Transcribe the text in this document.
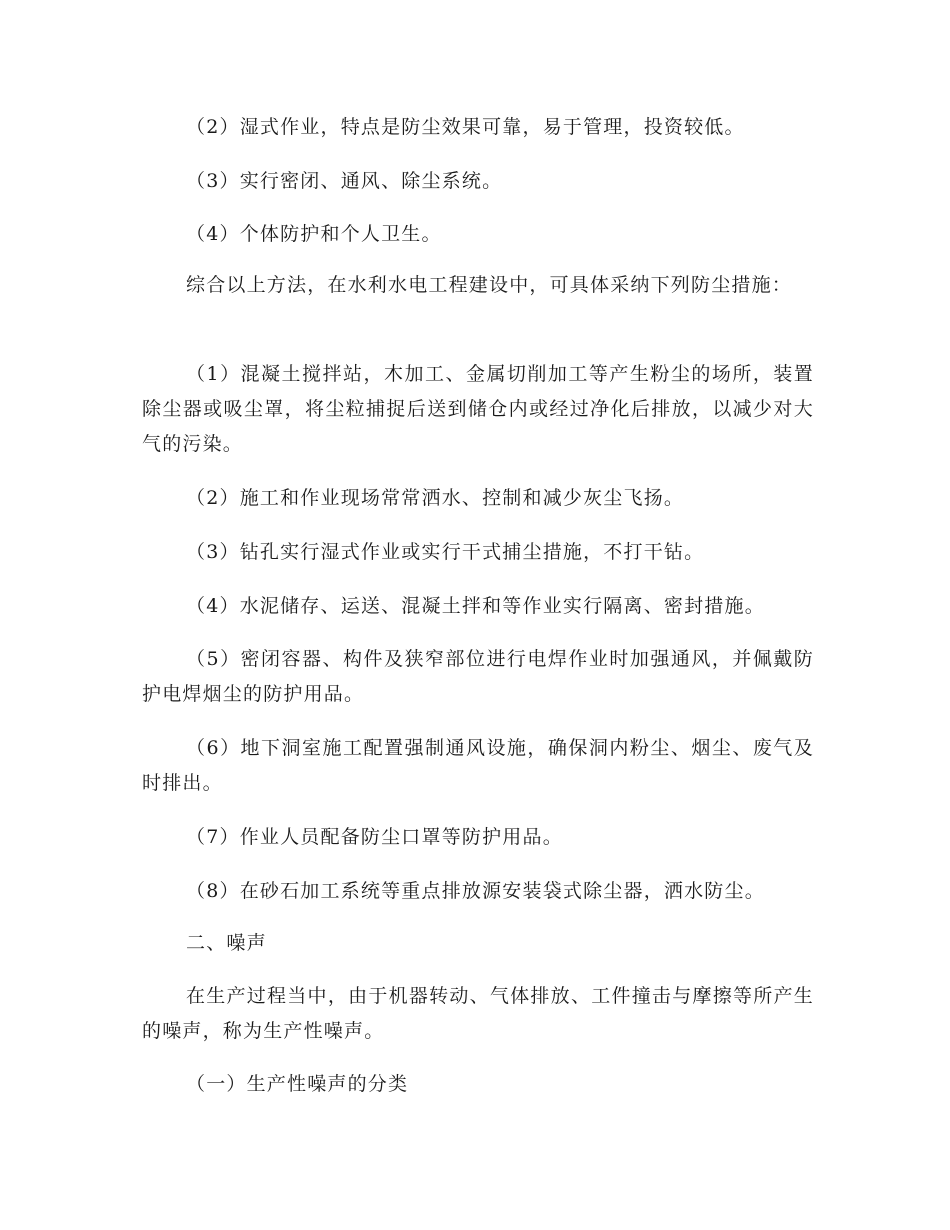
（2）湿式作业，特点是防尘效果可靠，易于管理，投资较低。

（3）实行密闭、通风、除尘系统。

（4）个体防护和个人卫生。

综合以上方法，在水利水电工程建设中，可具体采纳下列防尘措施：

（1）混凝土搅拌站，木加工、金属切削加工等产生粉尘的场所，装置除尘器或吸尘罩，将尘粒捕捉后送到储仓内或经过净化后排放，以减少对大气的污染。

（2）施工和作业现场常常洒水、控制和减少灰尘飞扬。

（3）钻孔实行湿式作业或实行干式捕尘措施，不打干钻。

（4）水泥储存、运送、混凝土拌和等作业实行隔离、密封措施。

（5）密闭容器、构件及狭窄部位进行电焊作业时加强通风，并佩戴防护电焊烟尘的防护用品。

（6）地下洞室施工配置强制通风设施，确保洞内粉尘、烟尘、废气及时排出。

（7）作业人员配备防尘口罩等防护用品。

（8）在砂石加工系统等重点排放源安装袋式除尘器，洒水防尘。

二、噪声

在生产过程当中，由于机器转动、气体排放、工件撞击与摩擦等所产生的噪声，称为生产性噪声。

（一）生产性噪声的分类
